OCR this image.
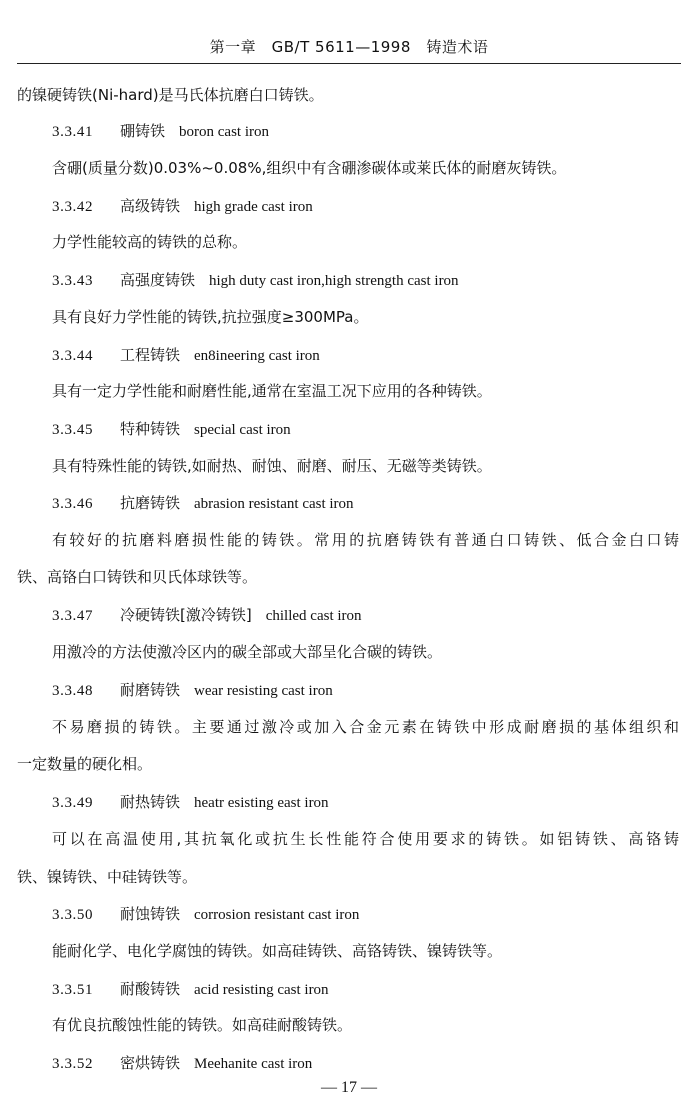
第一章　GB/T 5611—1998　铸造术语
的镍硬铸铁(Ni-hard)是马氏体抗磨白口铸铁。
3.3.41 硼铸铁 boron cast iron
含硼(质量分数)0.03%~0.08%,组织中有含硼渗碳体或莱氏体的耐磨灰铸铁。
3.3.42 高级铸铁 high grade cast iron
力学性能较高的铸铁的总称。
3.3.43 高强度铸铁 high duty cast iron,high strength cast iron
具有良好力学性能的铸铁,抗拉强度≥300MPa。
3.3.44 工程铸铁 en8ineering cast iron
具有一定力学性能和耐磨性能,通常在室温工况下应用的各种铸铁。
3.3.45 特种铸铁 special cast iron
具有特殊性能的铸铁,如耐热、耐蚀、耐磨、耐压、无磁等类铸铁。
3.3.46 抗磨铸铁 abrasion resistant cast iron
有较好的抗磨料磨损性能的铸铁。常用的抗磨铸铁有普通白口铸铁、低合金白口铸
铁、高铬白口铸铁和贝氏体球铁等。
3.3.47 冷硬铸铁[激冷铸铁] chilled cast iron
用激冷的方法使激冷区内的碳全部或大部呈化合碳的铸铁。
3.3.48 耐磨铸铁 wear resisting cast iron
不易磨损的铸铁。主要通过激冷或加入合金元素在铸铁中形成耐磨损的基体组织和
一定数量的硬化相。
3.3.49 耐热铸铁 heatr esisting east iron
可以在高温使用,其抗氧化或抗生长性能符合使用要求的铸铁。如铝铸铁、高铬铸
铁、镍铸铁、中硅铸铁等。
3.3.50 耐蚀铸铁 corrosion resistant cast iron
能耐化学、电化学腐蚀的铸铁。如高硅铸铁、高铬铸铁、镍铸铁等。
3.3.51 耐酸铸铁 acid resisting cast iron
有优良抗酸蚀性能的铸铁。如高硅耐酸铸铁。
3.3.52 密烘铸铁 Meehanite cast iron
— 17 —
